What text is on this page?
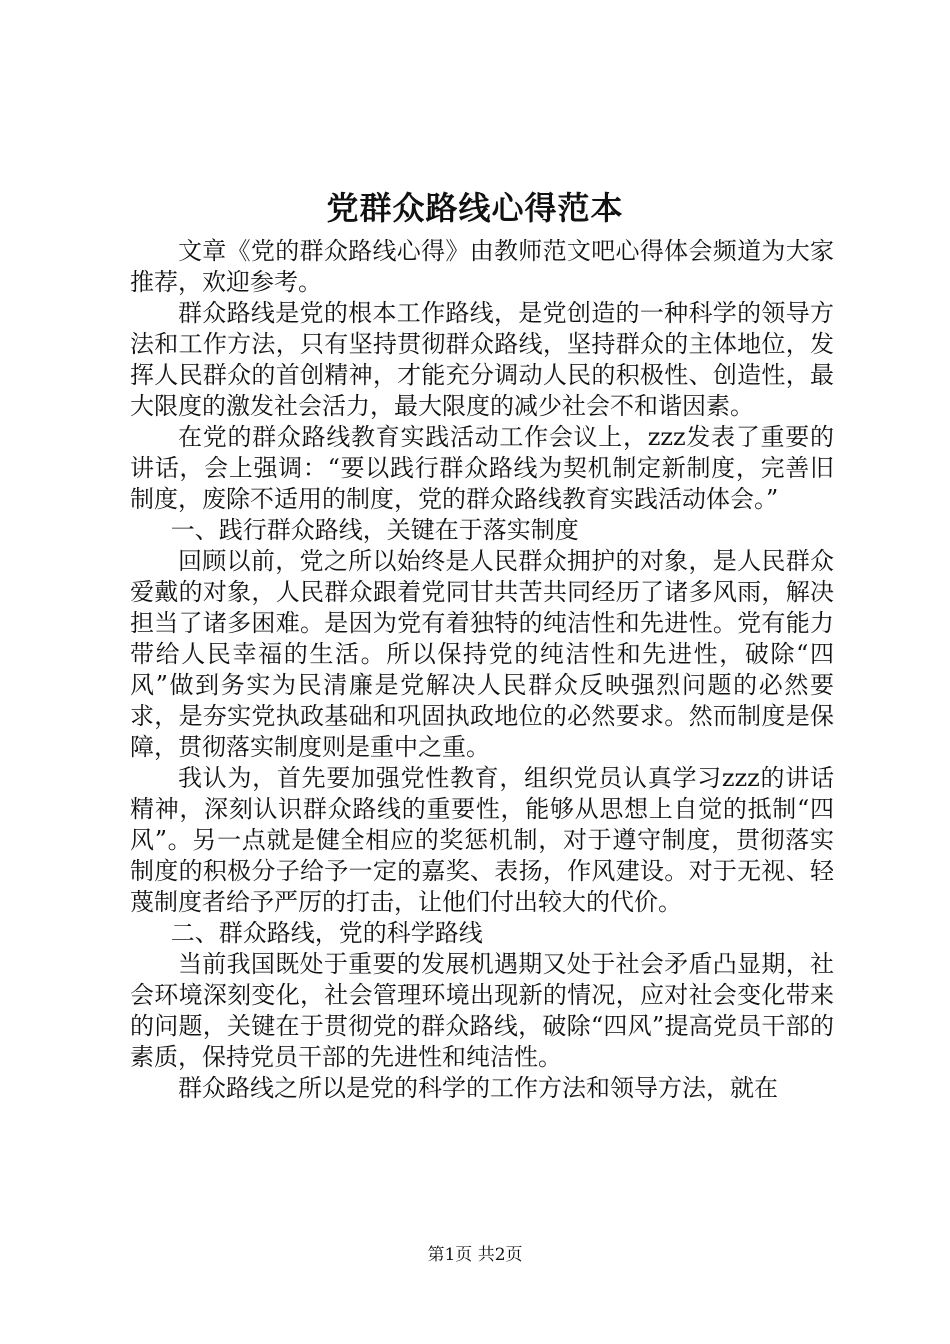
党群众路线心得范本

文章《党的群众路线心得》由教师范文吧心得体会频道为大家推荐，欢迎参考。

群众路线是党的根本工作路线，是党创造的一种科学的领导方法和工作方法，只有坚持贯彻群众路线，坚持群众的主体地位，发挥人民群众的首创精神，才能充分调动人民的积极性、创造性，最大限度的激发社会活力，最大限度的减少社会不和谐因素。

在党的群众路线教育实践活动工作会议上，zzz发表了重要的讲话，会上强调：“要以践行群众路线为契机制定新制度，完善旧制度，废除不适用的制度，党的群众路线教育实践活动体会。”

一、践行群众路线，关键在于落实制度

回顾以前，党之所以始终是人民群众拥护的对象，是人民群众爱戴的对象，人民群众跟着党同甘共苦共同经历了诸多风雨，解决担当了诸多困难。是因为党有着独特的纯洁性和先进性。党有能力带给人民幸福的生活。所以保持党的纯洁性和先进性，破除“四风”做到务实为民清廉是党解决人民群众反映强烈问题的必然要求，是夯实党执政基础和巩固执政地位的必然要求。然而制度是保障，贯彻落实制度则是重中之重。

我认为，首先要加强党性教育，组织党员认真学习zzz的讲话精神，深刻认识群众路线的重要性，能够从思想上自觉的抵制“四风”。另一点就是健全相应的奖惩机制，对于遵守制度，贯彻落实制度的积极分子给予一定的嘉奖、表扬，作风建设。对于无视、轻蔑制度者给予严厉的打击，让他们付出较大的代价。

二、群众路线，党的科学路线

当前我国既处于重要的发展机遇期又处于社会矛盾凸显期，社会环境深刻变化，社会管理环境出现新的情况，应对社会变化带来的问题，关键在于贯彻党的群众路线，破除“四风”提高党员干部的素质，保持党员干部的先进性和纯洁性。

群众路线之所以是党的科学的工作方法和领导方法，就在

第1页 共2页
